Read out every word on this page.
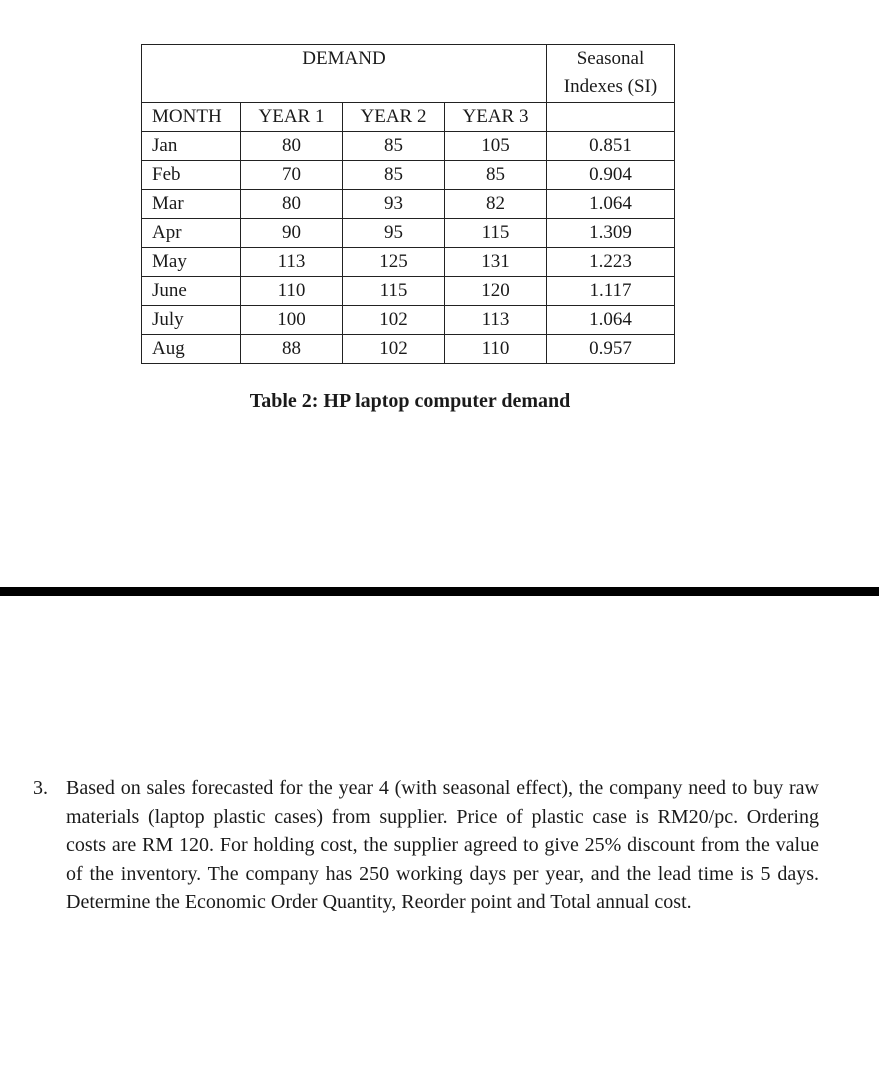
DEMAND				Seasonal
Indexes (SI)
MONTH	YEAR 1	YEAR 2	YEAR 3	
Jan	80	85	105	0.851
Feb	70	85	85	0.904
Mar	80	93	82	1.064
Apr	90	95	115	1.309
May	113	125	131	1.223
June	110	115	120	1.117
July	100	102	113	1.064
Aug	88	102	110	0.957
Table 2: HP laptop computer demand
3. Based on sales forecasted for the year 4 (with seasonal effect), the company need to buy raw materials (laptop plastic cases) from supplier. Price of plastic case is RM20/pc. Ordering costs are RM 120. For holding cost, the supplier agreed to give 25% discount from the value of the inventory. The company has 250 working days per year, and the lead time is 5 days. Determine the Economic Order Quantity, Reorder point and Total annual cost.
